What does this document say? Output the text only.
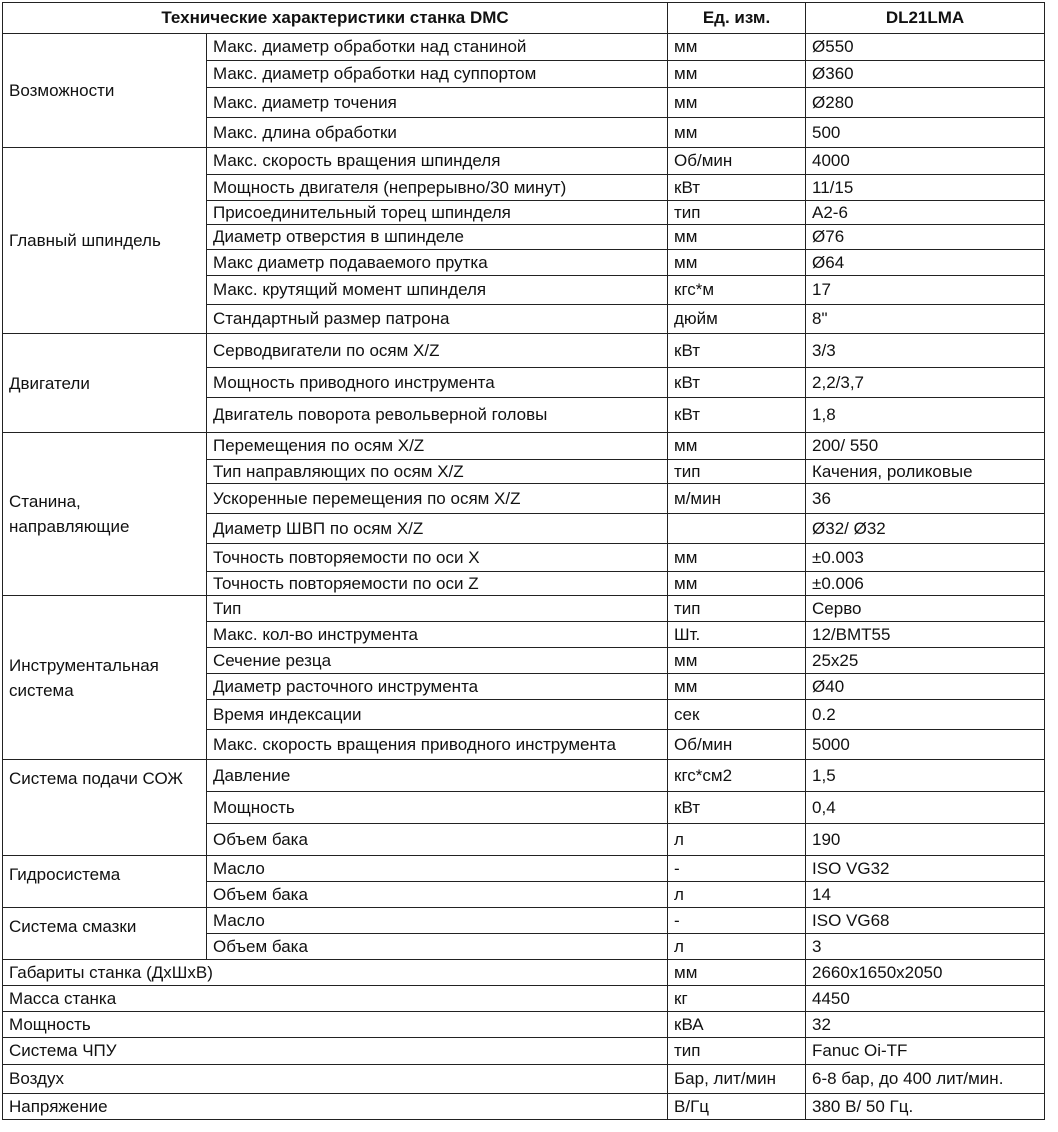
Технические характеристики станка DMC		Ед. изм.	DL21LMA
Возможности	Макс. диаметр обработки над станиной	мм	Ø550
	Макс. диаметр обработки над суппортом	мм	Ø360
	Макс. диаметр точения	мм	Ø280
	Макс. длина обработки	мм	500
Главный шпиндель	Макс. скорость вращения шпинделя	Об/мин	4000
	Мощность двигателя (непрерывно/30 минут)	кВт	11/15
	Присоединительный торец шпинделя	тип	А2-6
	Диаметр отверстия в шпинделе	мм	Ø76
	Макс диаметр подаваемого прутка	мм	Ø64
	Макс. крутящий момент шпинделя	кгс*м	17
	Стандартный размер патрона	дюйм	8"
Двигатели	Серводвигатели по осям X/Z	кВт	3/3
	Мощность приводного инструмента	кВт	2,2/3,7
	Двигатель поворота револьверной головы	кВт	1,8

Станина,
направляющие	Перемещения по осям X/Z	мм	200/ 550
	Тип направляющих по осям X/Z	тип	Качения, роликовые
	Ускоренные перемещения по осям X/Z	м/мин	36
	Диаметр ШВП по осям X/Z		Ø32/ Ø32
	Точность повторяемости по оси X	мм	±0.003
	Точность повторяемости по оси Z	мм	±0.006

Инструментальная
система	Тип	тип	Серво
	Макс. кол-во инструмента	Шт.	12/BMT55
	Сечение резца	мм	25x25
	Диаметр расточного инструмента	мм	Ø40
	Время индексации	сек	0.2
	Макс. скорость вращения приводного инструмента	Об/мин	5000
Система подачи СОЖ	Давление	кгс*см2	1,5
	Мощность	кВт	0,4
	Объем бака	л	190
Гидросистема	Масло	-	ISO VG32
	Объем бака	л	14
Система смазки	Масло	-	ISO VG68
	Объем бака	л	3
Габариты станка (ДхШхВ)		мм	2660x1650x2050
Масса станка		кг	4450
Мощность		кВА	32
Система ЧПУ		тип	Fanuc Oi-TF
Воздух		Бар, лит/мин	6-8 бар, до 400 лит/мин.
Напряжение		В/Гц	380 В/ 50 Гц.
